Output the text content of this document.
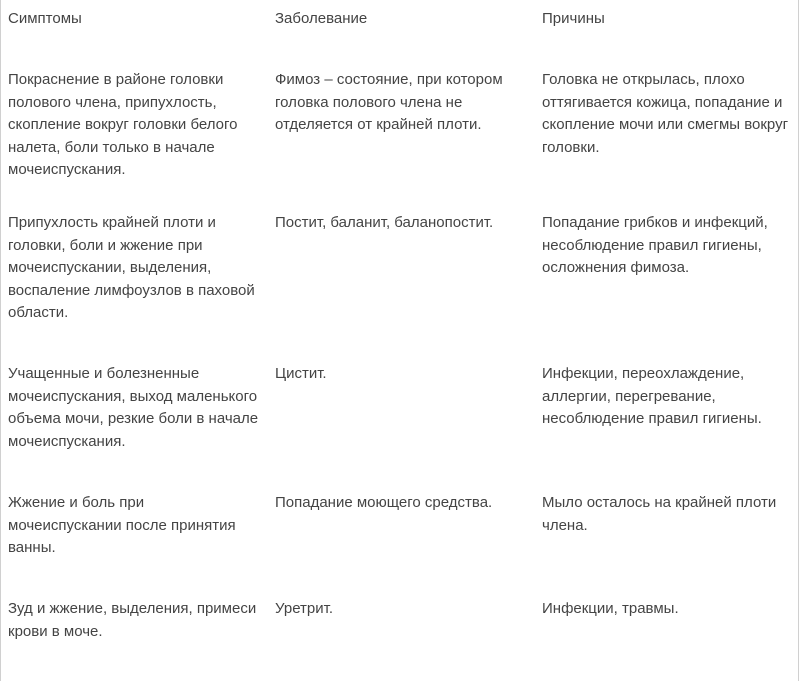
Симптомы	Заболевание	Причины
Покраснение в районе головки полового члена, припухлость, скопление вокруг головки белого налета, боли только в начале мочеиспускания.	Фимоз – состояние, при котором головка полового члена не отделяется от крайней плоти.	Головка не открылась, плохо оттягивается кожица, попадание и скопление мочи или смегмы вокруг головки.
Припухлость крайней плоти и головки, боли и жжение при мочеиспускании, выделения, воспаление лимфоузлов в паховой области.	Постит, баланит, баланопостит.	Попадание грибков и инфекций, несоблюдение правил гигиены, осложнения фимоза.
Учащенные и болезненные мочеиспускания, выход маленького объема мочи, резкие боли в начале мочеиспускания.	Цистит.	Инфекции, переохлаждение, аллергии, перегревание, несоблюдение правил гигиены.
Жжение и боль при мочеиспускании после принятия ванны.	Попадание моющего средства.	Мыло осталось на крайней плоти члена.
Зуд и жжение, выделения, примеси крови в моче.	Уретрит.	Инфекции, травмы.
